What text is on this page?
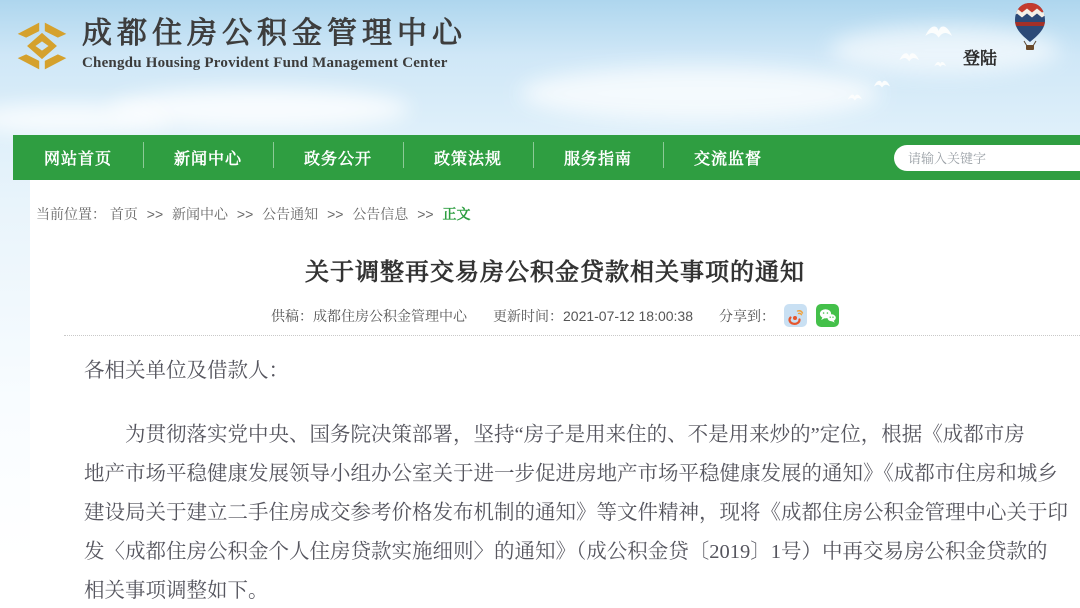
成都住房公积金管理中心
Chengdu Housing Provident Fund Management Center	登陆
网站首页	新闻中心	政务公开	政策法规	服务指南	交流监督
请输入关键字
当前位置： 首页 >> 新闻中心 >> 公告通知 >> 公告信息 >> 正文
关于调整再交易房公积金贷款相关事项的通知
供稿： 成都住房公积金管理中心 更新时间： 2021-07-12 18:00:38 分享到：
各相关单位及借款人：
　　为贯彻落实党中央、国务院决策部署，坚持“房子是用来住的、不是用来炒的”定位，根据《成都市房
地产市场平稳健康发展领导小组办公室关于进一步促进房地产市场平稳健康发展的通知》《成都市住房和城乡
建设局关于建立二手住房成交参考价格发布机制的通知》等文件精神，现将《成都住房公积金管理中心关于印
发〈成都住房公积金个人住房贷款实施细则〉的通知》（成公积金贷〔2019〕1号）中再交易房公积金贷款的
相关事项调整如下。
